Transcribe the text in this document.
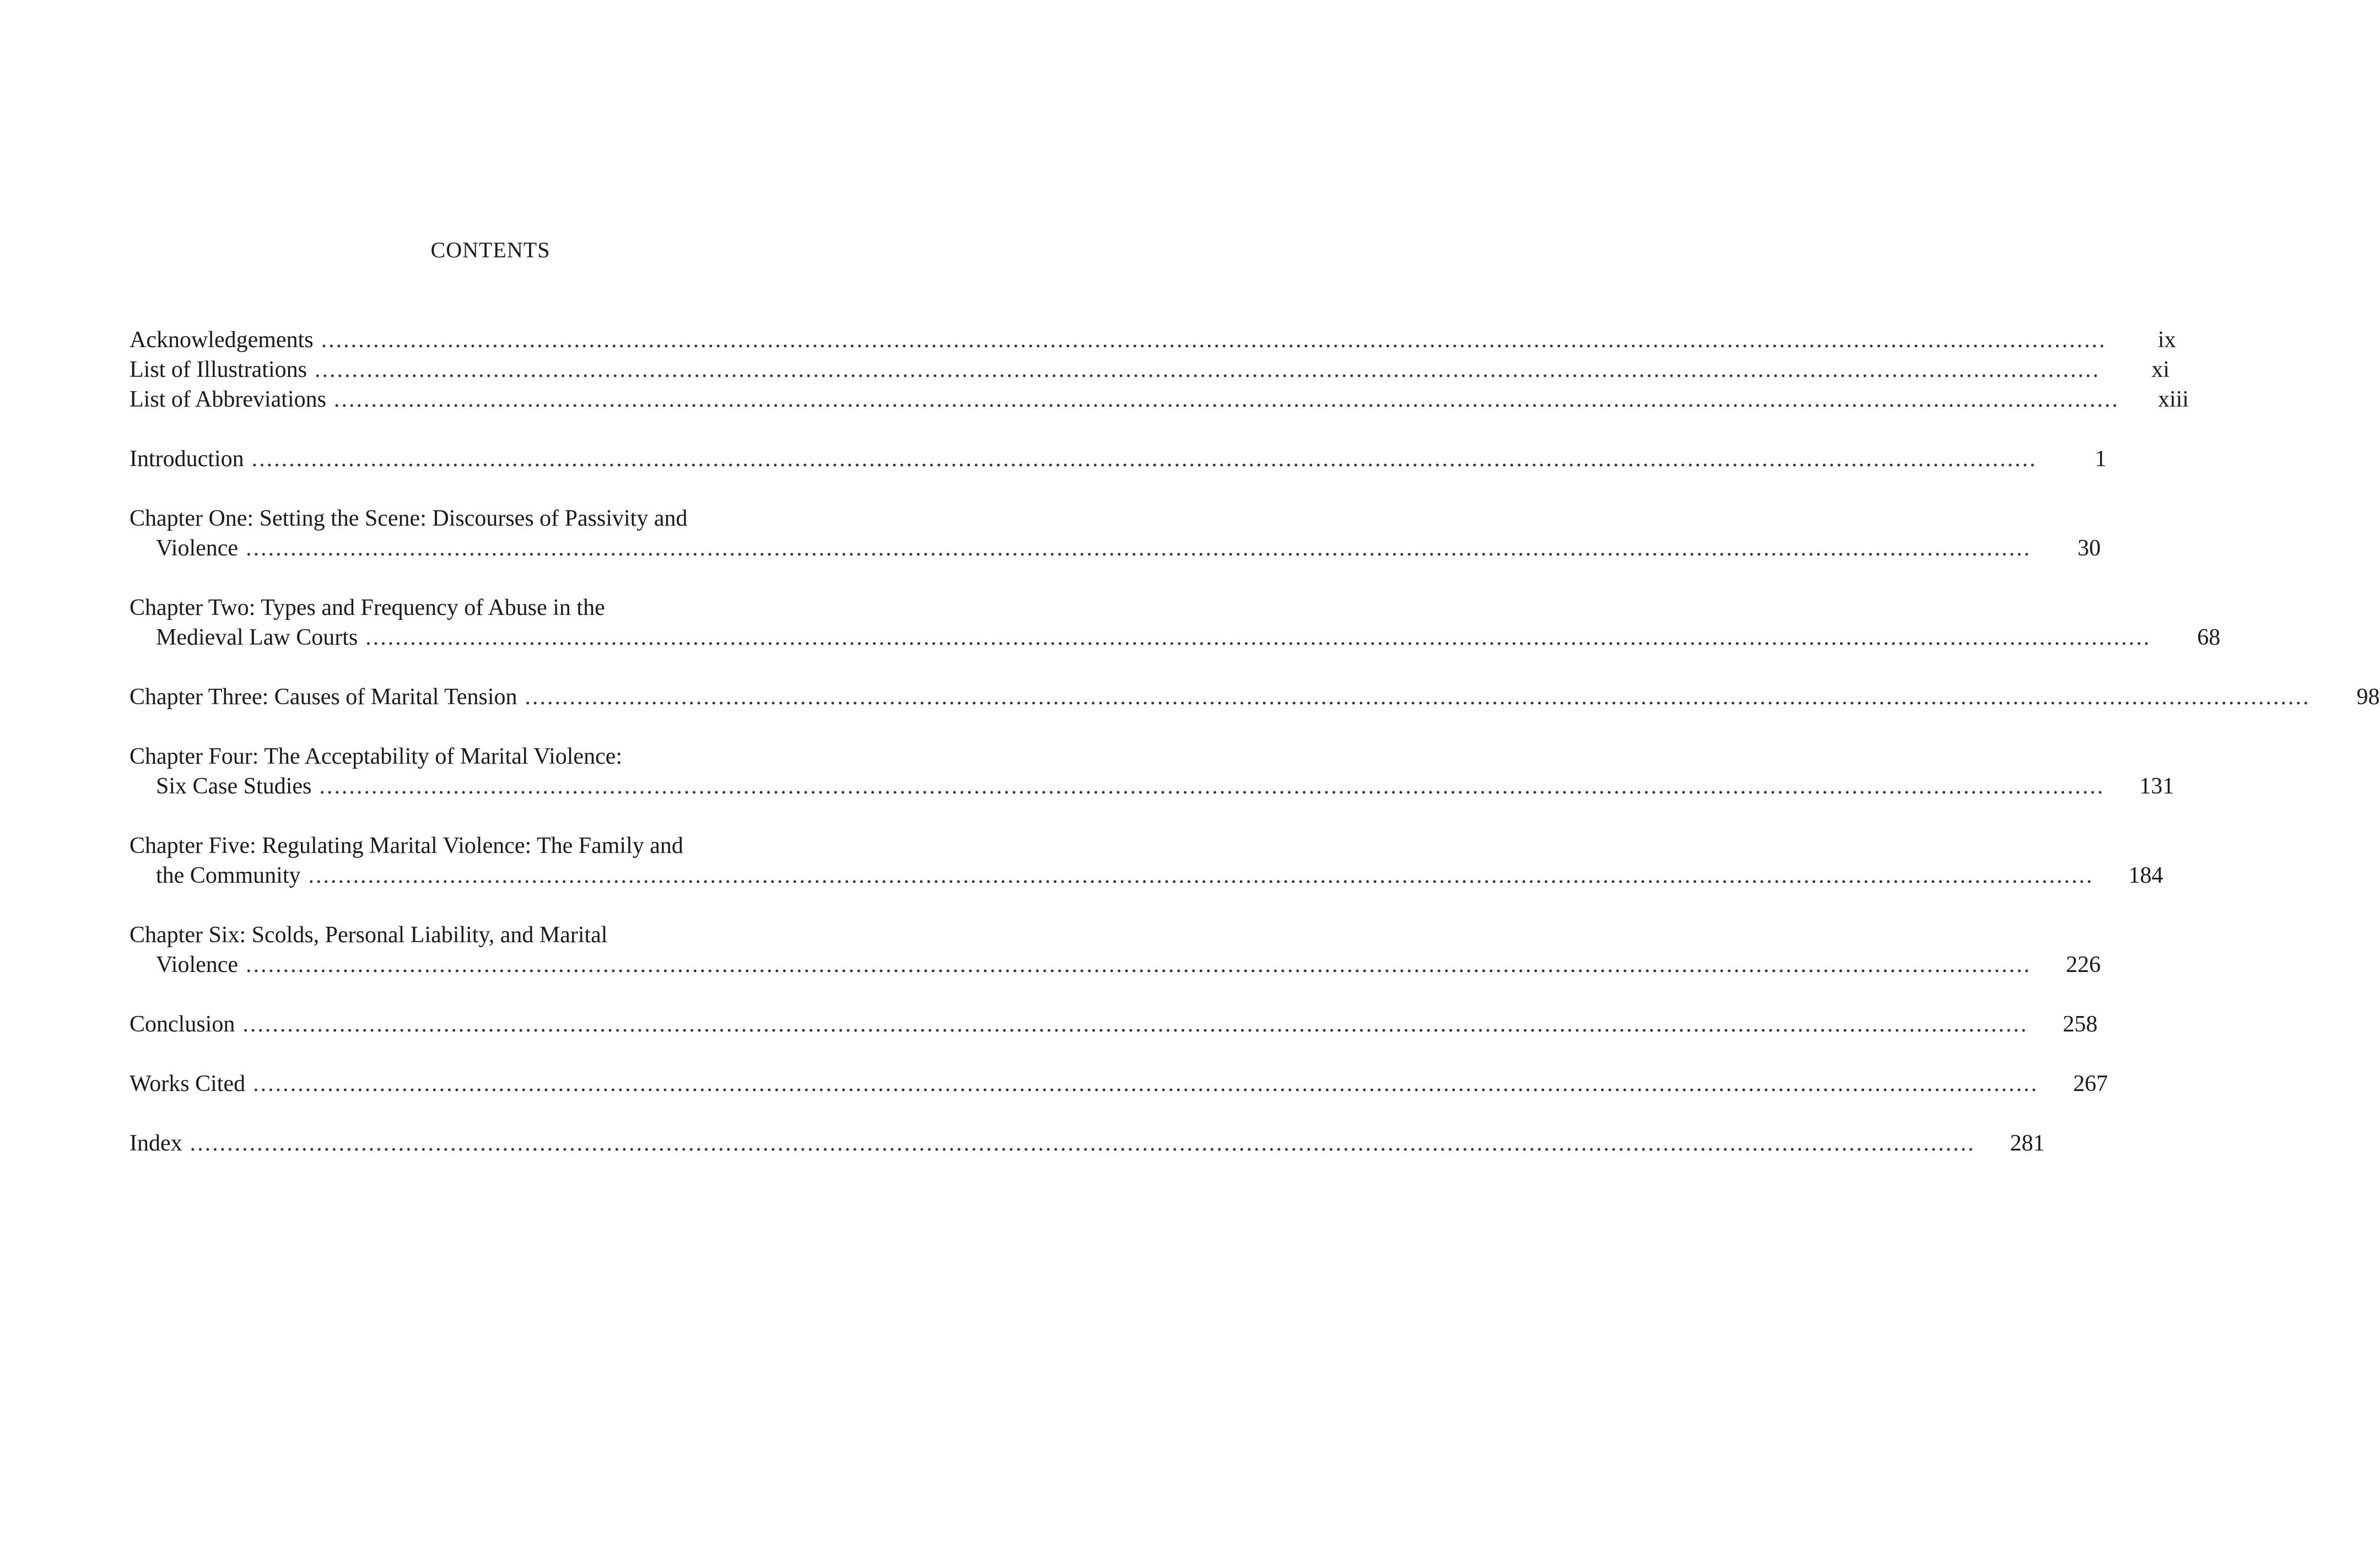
CONTENTS
Acknowledgements ................................................................................................................................................................................................................................................	ix
List of Illustrations ................................................................................................................................................................................................................................................	xi
List of Abbreviations ................................................................................................................................................................................................................................................	xiii
Introduction ................................................................................................................................................................................................................................................	1
Chapter One: Setting the Scene: Discourses of Passivity and
Violence ................................................................................................................................................................................................................................................	30
Chapter Two: Types and Frequency of Abuse in the
Medieval Law Courts ................................................................................................................................................................................................................................................	68
Chapter Three: Causes of Marital Tension ................................................................................................................................................................................................................................................	98
Chapter Four: The Acceptability of Marital Violence:
Six Case Studies ................................................................................................................................................................................................................................................	131
Chapter Five: Regulating Marital Violence: The Family and
the Community ................................................................................................................................................................................................................................................	184
Chapter Six: Scolds, Personal Liability, and Marital
Violence ................................................................................................................................................................................................................................................	226
Conclusion ................................................................................................................................................................................................................................................	258
Works Cited ................................................................................................................................................................................................................................................	267
Index ................................................................................................................................................................................................................................................	281
